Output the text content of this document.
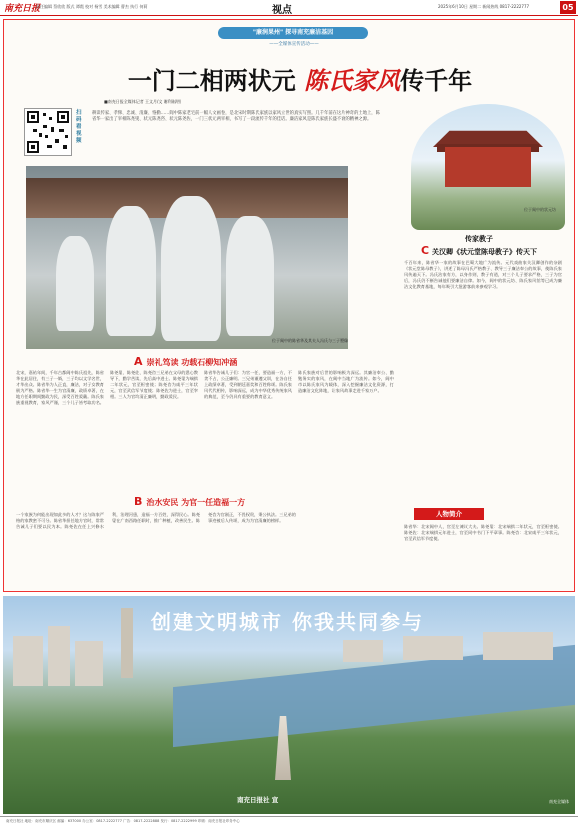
南充日报
责任编辑 蔡欣欣 版式 谭霞 校对 杨雪 美术编辑 曹杰 执行 何莉	视点	2025年6月10日 星期二 新闻热线 0817-2222777	05
"廉润果州" 探寻南充廉洁基因
——全媒体宣传活动——
一门二相两状元 陈氏家风传千年
扫码看视频
■南充日报全媒体记者 王文月/文 谢利刚/图
耕读传家、孝悌、忠诚、清廉、恪勤……阆中陈家老宅前一幅人文画卷，是北宋时期陈氏家族以家风立世的真实写照。几千年前在这片神奇的土地上，陈省华一家出了宰相陈尧叟、状元陈尧咨、状元陈尧佐，一门三状元两宰相，书写了一段流传千年的佳话。廉洁家风是陈氏家族长盛不衰的精神之源。
位于阆中的状元坊
位于阆中的陈省华及其夫人冯氏与三子塑像
传家教子
C关汉卿《状元堂陈母教子》传天下
千百年来，陈省华一家的故事在巴蜀大地广为流传。元代戏曲家关汉卿创作的杂剧《状元堂陈母教子》，讲述了陈母冯氏严格教子、教导三子廉洁奉公的故事，使陈氏家风传遍天下。冯氏治家有方，以身作则，教子有道，对三个儿子要求严格，三子为官后，冯氏仍不断告诫他们要廉洁自律。如今，阆中的状元坊、陈氏家风馆等已成为廉洁文化教育基地，每年吸引大批游客前来参观学习。
A 崇礼笃读 功载石柳知冲涵
北宋，嘉祐年间，千年古都阆中陈氏祖先，陈省华在此居住，有三子一婿，三子均以文学名世，才华出众。陈省华为人正直，廉洁，对子女教育极为严格。陈省华一生为官清廉，政绩卓著，在地方任职期间勤政为民，深受百姓爱戴。陈氏家族重视教育，家风严谨，三个儿子皆考取功名。
陈尧叟、陈尧佐、陈尧咨三兄弟在父母的悉心教导下，勤学苦读，先后高中进士。陈尧叟为端拱二年状元，官至枢密使；陈尧咨为咸平三年状元，官至武信军节度使；陈尧佐为进士，官至宰相。三人为官均清正廉明，勤政爱民。
陈省华告诫儿子们：为官一任，要造福一方，不贪不占，公正廉明。三兄弟谨遵父训，在各自任上政绩卓著，受到朝廷嘉奖和百姓称颂。陈氏家风代代相传，影响深远，成为中华优秀传统家风的典范，至今仍具有重要的教育意义。
陈氏家族对后世的影响极为深远。其廉洁奉公、勤勉务实的家风，在阆中当地广为流传。如今，阆中市以陈氏家风为载体，深入挖掘廉洁文化资源，打造廉洁文化阵地，让家风故事走进千家万户。
B 治水安民 为官一任造福一方
一个家族为何能出现如此多的人才？这与陈家严格的家教密不可分。陈省华担任地方官时，常常告诫儿子们要以民为本。陈尧佐在任上兴修水利，治理河患，造福一方百姓，深得民心。陈尧叟在广南西路任职时，推广种植，改善民生。陈尧咨为官刚正，不畏权贵，秉公执法。三兄弟的事迹被后人传颂，成为为官清廉的榜样。
人物简介
陈省华：北宋阆中人，官至左谏议大夫。陈尧叟：北宋端拱二年状元，官至枢密使。陈尧佐：北宋端拱元年进士，官至同中书门下平章事。陈尧咨：北宋咸平三年状元，官至武信军节度使。
创建文明城市 你我共同参与
南充日报社 宣	南充全媒体
南充日报社 地址：南充市顺庆区 邮编：637000 办公室：0817-2222777 广告：0817-2222888 发行：0817-2222999 印刷：南充日报社印务中心
